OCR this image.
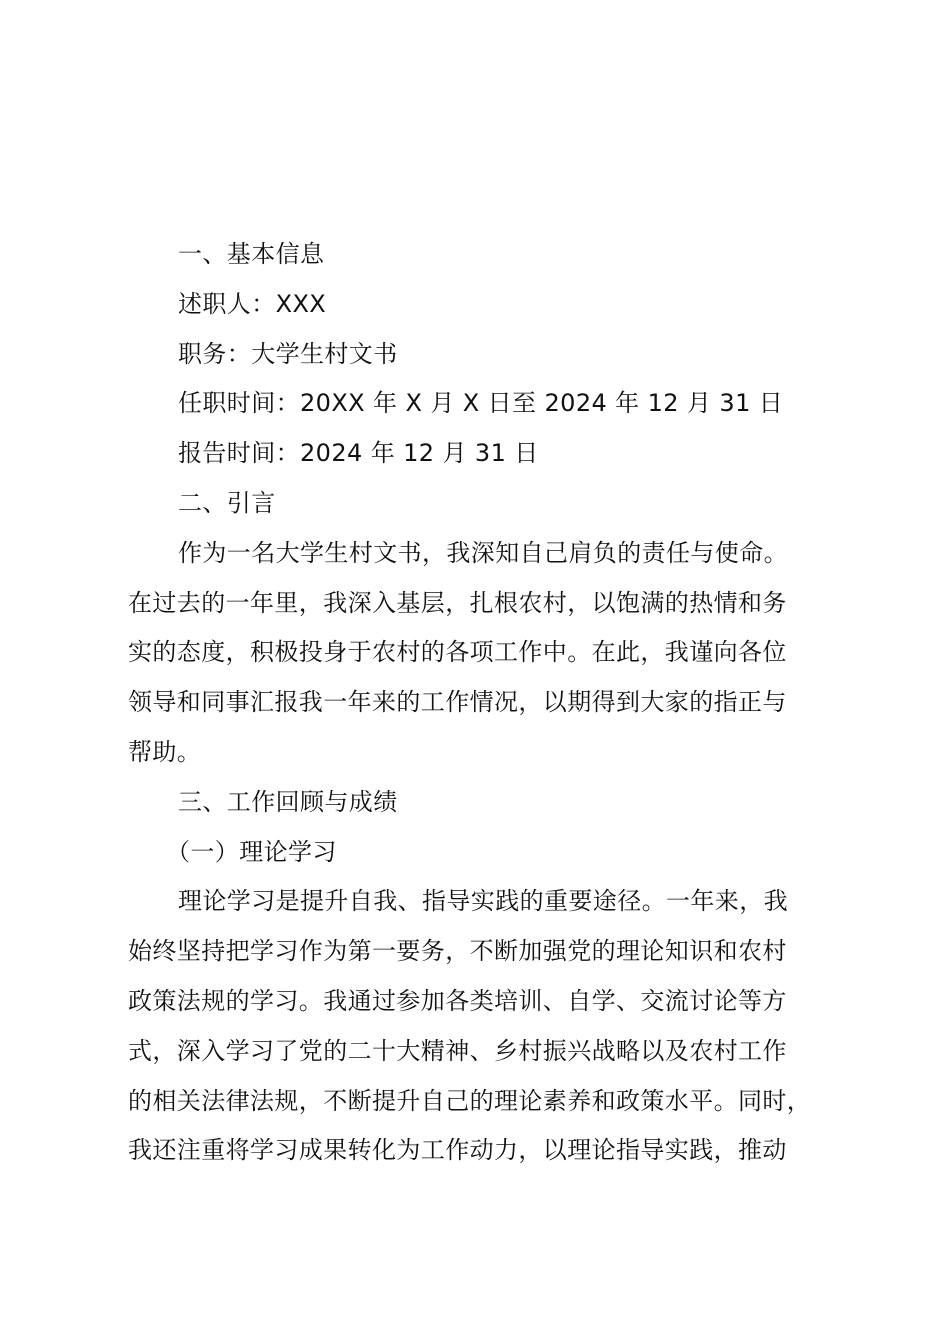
一、基本信息
述职人：XXX
职务：大学生村文书
任职时间：20XX 年 X 月 X 日至 2024 年 12 月 31 日
报告时间：2024 年 12 月 31 日
二、引言
作为一名大学生村文书，我深知自己肩负的责任与使命。
在过去的一年里，我深入基层，扎根农村，以饱满的热情和务
实的态度，积极投身于农村的各项工作中。在此，我谨向各位
领导和同事汇报我一年来的工作情况，以期得到大家的指正与
帮助。
三、工作回顾与成绩
（一）理论学习
理论学习是提升自我、指导实践的重要途径。一年来，我
始终坚持把学习作为第一要务，不断加强党的理论知识和农村
政策法规的学习。我通过参加各类培训、自学、交流讨论等方
式，深入学习了党的二十大精神、乡村振兴战略以及农村工作
的相关法律法规，不断提升自己的理论素养和政策水平。同时，
我还注重将学习成果转化为工作动力，以理论指导实践，推动
